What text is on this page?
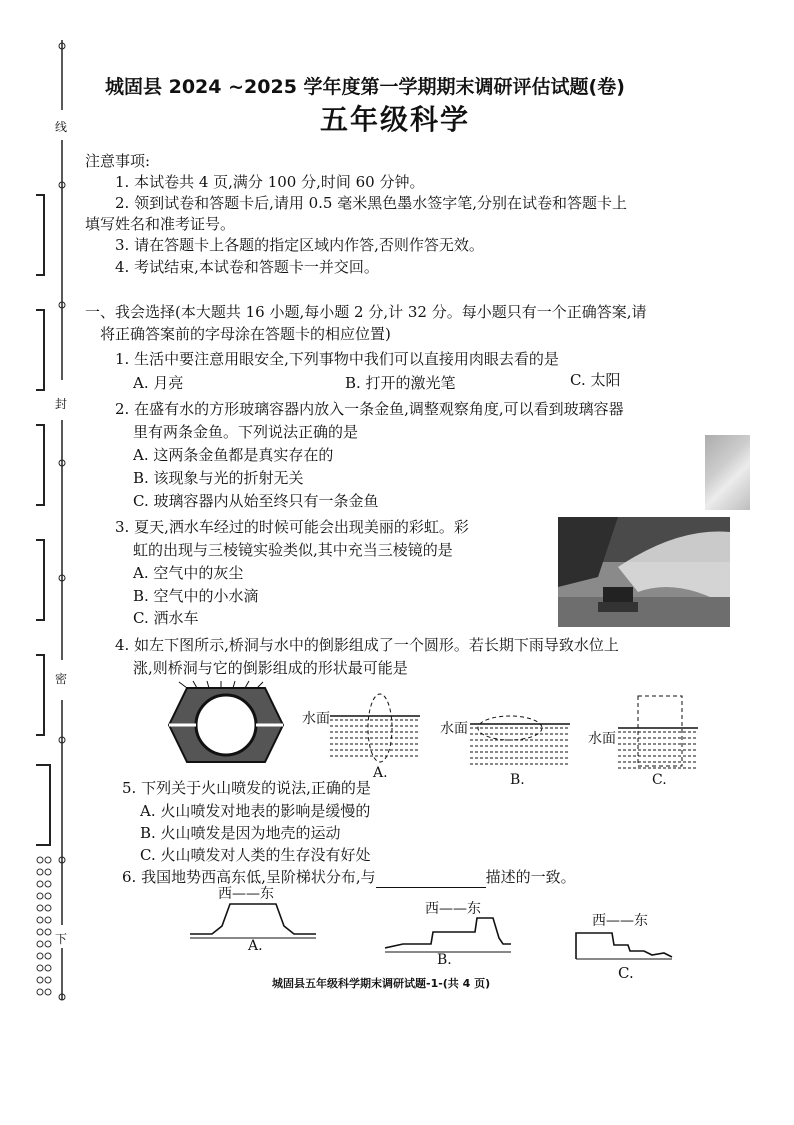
线
封
密
下
城固县 2024 ~2025 学年度第一学期期末调研评估试题(卷)
五年级科学
注意事项:
1. 本试卷共 4 页,满分 100 分,时间 60 分钟。
2. 领到试卷和答题卡后,请用 0.5 毫米黑色墨水签字笔,分别在试卷和答题卡上
填写姓名和准考证号。
3. 请在答题卡上各题的指定区域内作答,否则作答无效。
4. 考试结束,本试卷和答题卡一并交回。
一、我会选择(本大题共 16 小题,每小题 2 分,计 32 分。每小题只有一个正确答案,请
将正确答案前的字母涂在答题卡的相应位置)
1. 生活中要注意用眼安全,下列事物中我们可以直接用肉眼去看的是
A. 月亮	B. 打开的激光笔	C. 太阳
2. 在盛有水的方形玻璃容器内放入一条金鱼,调整观察角度,可以看到玻璃容器
里有两条金鱼。下列说法正确的是
A. 这两条金鱼都是真实存在的
B. 该现象与光的折射无关
C. 玻璃容器内从始至终只有一条金鱼
3. 夏天,洒水车经过的时候可能会出现美丽的彩虹。彩
虹的出现与三棱镜实验类似,其中充当三棱镜的是
A. 空气中的灰尘
B. 空气中的小水滴
C. 洒水车
4. 如左下图所示,桥洞与水中的倒影组成了一个圆形。若长期下雨导致水位上
涨,则桥洞与它的倒影组成的形状最可能是
水面
A.
水面
B.
水面
C.
5. 下列关于火山喷发的说法,正确的是
A. 火山喷发对地表的影响是缓慢的
B. 火山喷发是因为地壳的运动
C. 火山喷发对人类的生存没有好处
6. 我国地势西高东低,呈阶梯状分布,与	描述的一致。
西——东
A.
西——东
B.
西——东
C.
城固县五年级科学期末调研试题-1-(共 4 页)
